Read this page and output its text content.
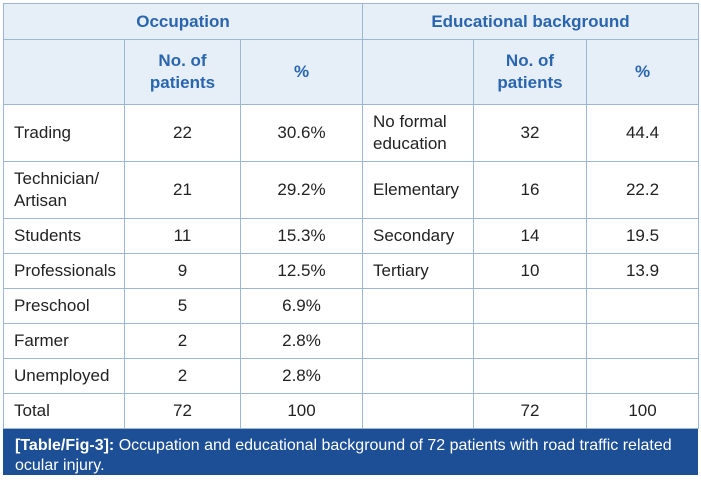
Occupation			Educational background		
	No. of patients	%		No. of patients	%
Trading	22	30.6%	No formal education	32	44.4
Technician/ Artisan	21	29.2%	Elementary	16	22.2
Students	11	15.3%	Secondary	14	19.5
Professionals	9	12.5%	Tertiary	10	13.9
Preschool	5	6.9%			
Farmer	2	2.8%			
Unemployed	2	2.8%			
Total	72	100		72	100
[Table/Fig-3]: Occupation and educational background of 72 patients with road traffic related ocular injury.
